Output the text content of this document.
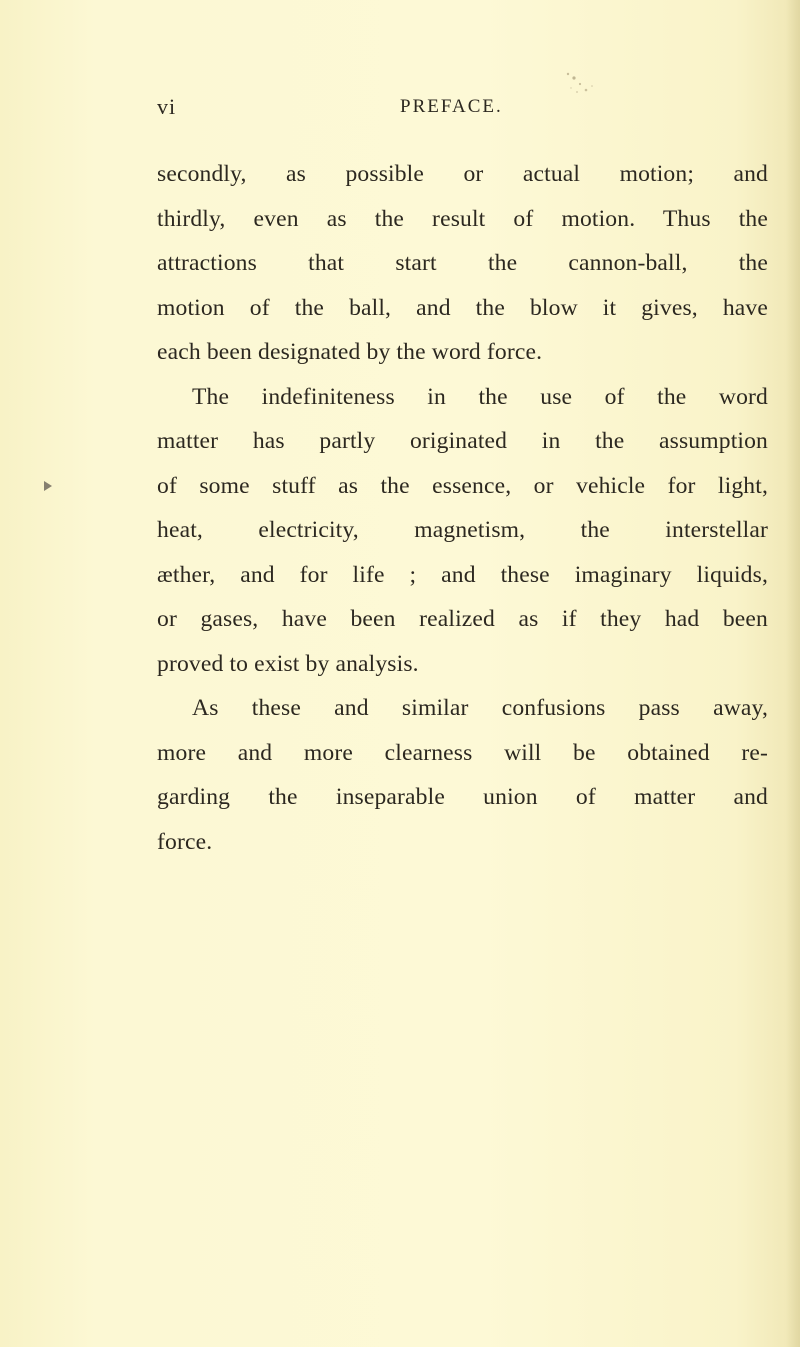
vi	PREFACE.
secondly, as possible or actual motion; and
thirdly, even as the result of motion. Thus the
attractions that start the cannon-ball, the
motion of the ball, and the blow it gives, have
each been designated by the word force.
The indefiniteness in the use of the word
matter has partly originated in the assumption
of some stuff as the essence, or vehicle for light,
heat, electricity, magnetism, the interstellar
æther, and for life ; and these imaginary liquids,
or gases, have been realized as if they had been
proved to exist by analysis.
As these and similar confusions pass away,
more and more clearness will be obtained re-
garding the inseparable union of matter and
force.
